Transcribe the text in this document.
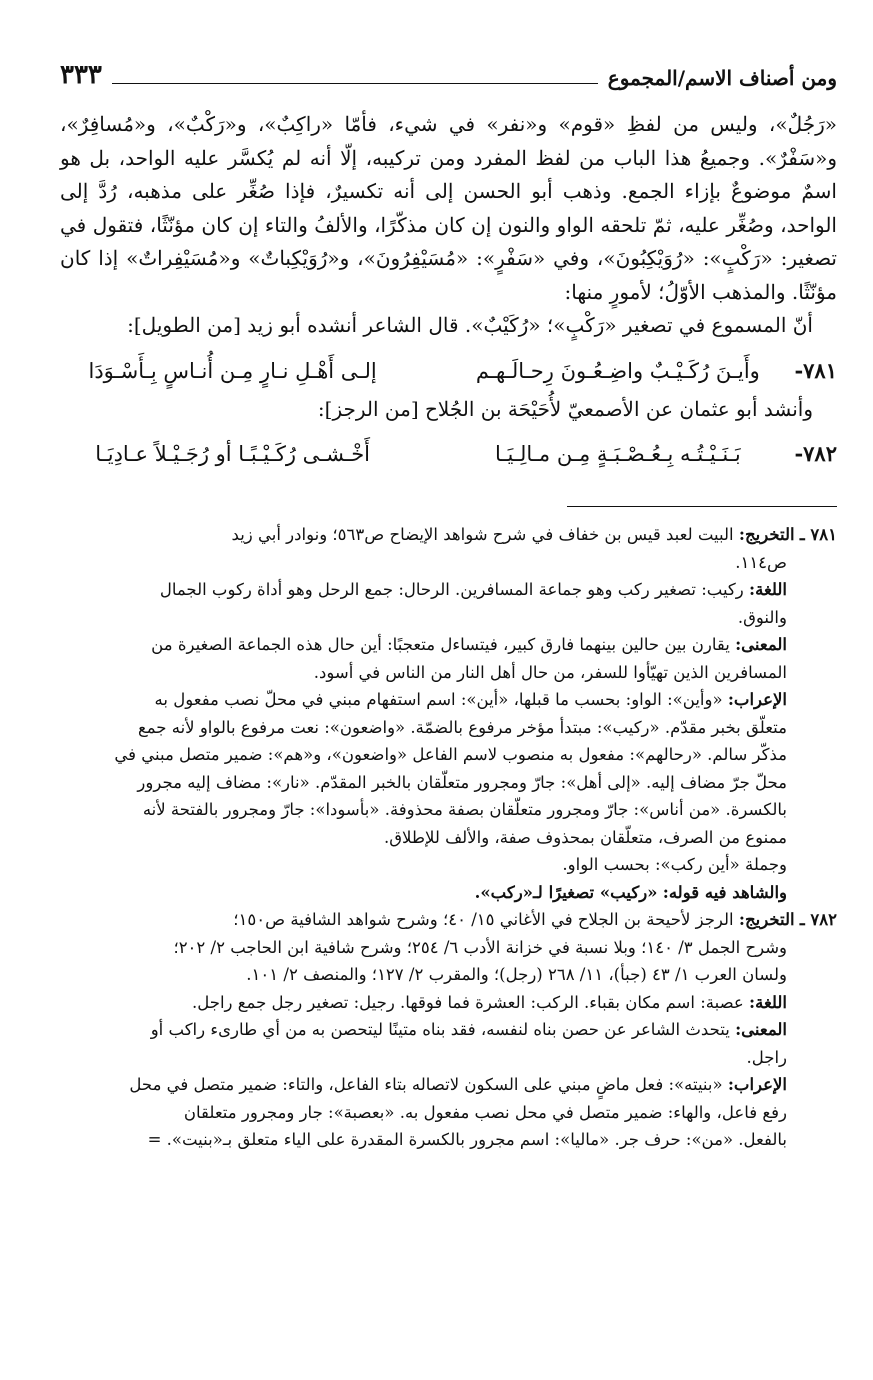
ومن أصناف الاسم/المجموع
٣٣٣

«رَجُلٌ»، وليس من لفظِ «قوم» و«نفر» في شيء، فأمّا «راكِبٌ»، و«رَكْبٌ»، و«مُسافِرٌ»، و«سَفْرٌ». وجميعُ هذا الباب من لفظ المفرد ومن تركيبه، إلّا أنه لم يُكسَّر عليه الواحد، بل هو اسمٌ موضوعٌ بإزاء الجمع. وذهب أبو الحسن إلى أنه تكسيرٌ، فإذا صُغِّر على مذهبه، رُدَّ إلى الواحد، وصُغِّر عليه، ثمّ تلحقه الواو والنون إن كان مذكّرًا، والألفُ والتاء إن كان مؤنّثًا، فتقول في تصغير: «رَكْبٍ»: «رُوَيْكِبُونَ»، وفي «سَفْرٍ»: «مُسَيْفِرُونَ»، و«رُوَيْكِباتٌ» و«مُسَيْفِراتٌ» إذا كان مؤنّثًا. والمذهب الأوّلُ؛ لأمورٍ منها:

أنّ المسموع في تصغير «رَكْبٍ»؛ «رُكَيْبٌ». قال الشاعر أنشده أبو زيد [من الطويل]:

٧٨١-
وأَيـنَ رُكَـيْـبٌ واضِـعُـونَ رِحـالَـهـم
إلـى أَهْـلِ نـارٍ مِـن أُنـاسٍ بِـأَسْـوَدَا

وأنشد أبو عثمان عن الأصمعيّ لأُحَيْحَة بن الجُلاح [من الرجز]:

٧٨٢-
بَـنَـيْـتُـه بِـعُـصْـبَـةٍ مِـن مـالِـيَـا
أَخْـشـى رُكَـيْـبًـا أو رُجَـيْـلاً عـادِيَـا
٧٨١ ـ التخريج: البيت لعبد قيس بن خفاف في شرح شواهد الإيضاح ص٥٦٣؛ ونوادر أبي زيد
ص١١٤.
اللغة: ركيب: تصغير ركب وهو جماعة المسافرين. الرحال: جمع الرحل وهو أداة ركوب الجمال
والنوق.
المعنى: يقارن بين حالين بينهما فارق كبير، فيتساءل متعجبًا: أين حال هذه الجماعة الصغيرة من
المسافرين الذين تهيّأوا للسفر، من حال أهل النار من الناس في أسود.
الإعراب: «وأين»: الواو: بحسب ما قبلها، «أين»: اسم استفهام مبني في محلّ نصب مفعول به
متعلّق بخبر مقدّم. «ركيب»: مبتدأ مؤخر مرفوع بالضمّة. «واضعون»: نعت مرفوع بالواو لأنه جمع
مذكّر سالم. «رحالهم»: مفعول به منصوب لاسم الفاعل «واضعون»، و«هم»: ضمير متصل مبني في
محلّ جرّ مضاف إليه. «إلى أهل»: جارّ ومجرور متعلّقان بالخبر المقدّم. «نار»: مضاف إليه مجرور
بالكسرة. «من أناس»: جارّ ومجرور متعلّقان بصفة محذوفة. «بأسودا»: جارّ ومجرور بالفتحة لأنه
ممنوع من الصرف، متعلّقان بمحذوف صفة، والألف للإطلاق.
وجملة «أين ركب»: بحسب الواو.
والشاهد فيه قوله: «ركيب» تصغيرًا لـ«ركب».
٧٨٢ ـ التخريج: الرجز لأحيحة بن الجلاح في الأغاني ١٥/ ٤٠؛ وشرح شواهد الشافية ص١٥٠؛
وشرح الجمل ٣/ ١٤٠؛ وبلا نسبة في خزانة الأدب ٦/ ٢٥٤؛ وشرح شافية ابن الحاجب ٢/ ٢٠٢؛
ولسان العرب ١/ ٤٣ (جبأ)، ١١/ ٢٦٨ (رجل)؛ والمقرب ٢/ ١٢٧؛ والمنصف ٢/ ١٠١.
اللغة: عصبة: اسم مكان بقباء. الركب: العشرة فما فوقها. رجيل: تصغير رجل جمع راجل.
المعنى: يتحدث الشاعر عن حصن بناه لنفسه، فقد بناه متينًا ليتحصن به من أي طارىء راكب أو
راجل.
الإعراب: «بنيته»: فعل ماضٍ مبني على السكون لاتصاله بتاء الفاعل، والتاء: ضمير متصل في محل
رفع فاعل، والهاء: ضمير متصل في محل نصب مفعول به. «بعصبة»: جار ومجرور متعلقان
بالفعل. «من»: حرف جر. «ماليا»: اسم مجرور بالكسرة المقدرة على الياء متعلق بـ«بنيت». =
